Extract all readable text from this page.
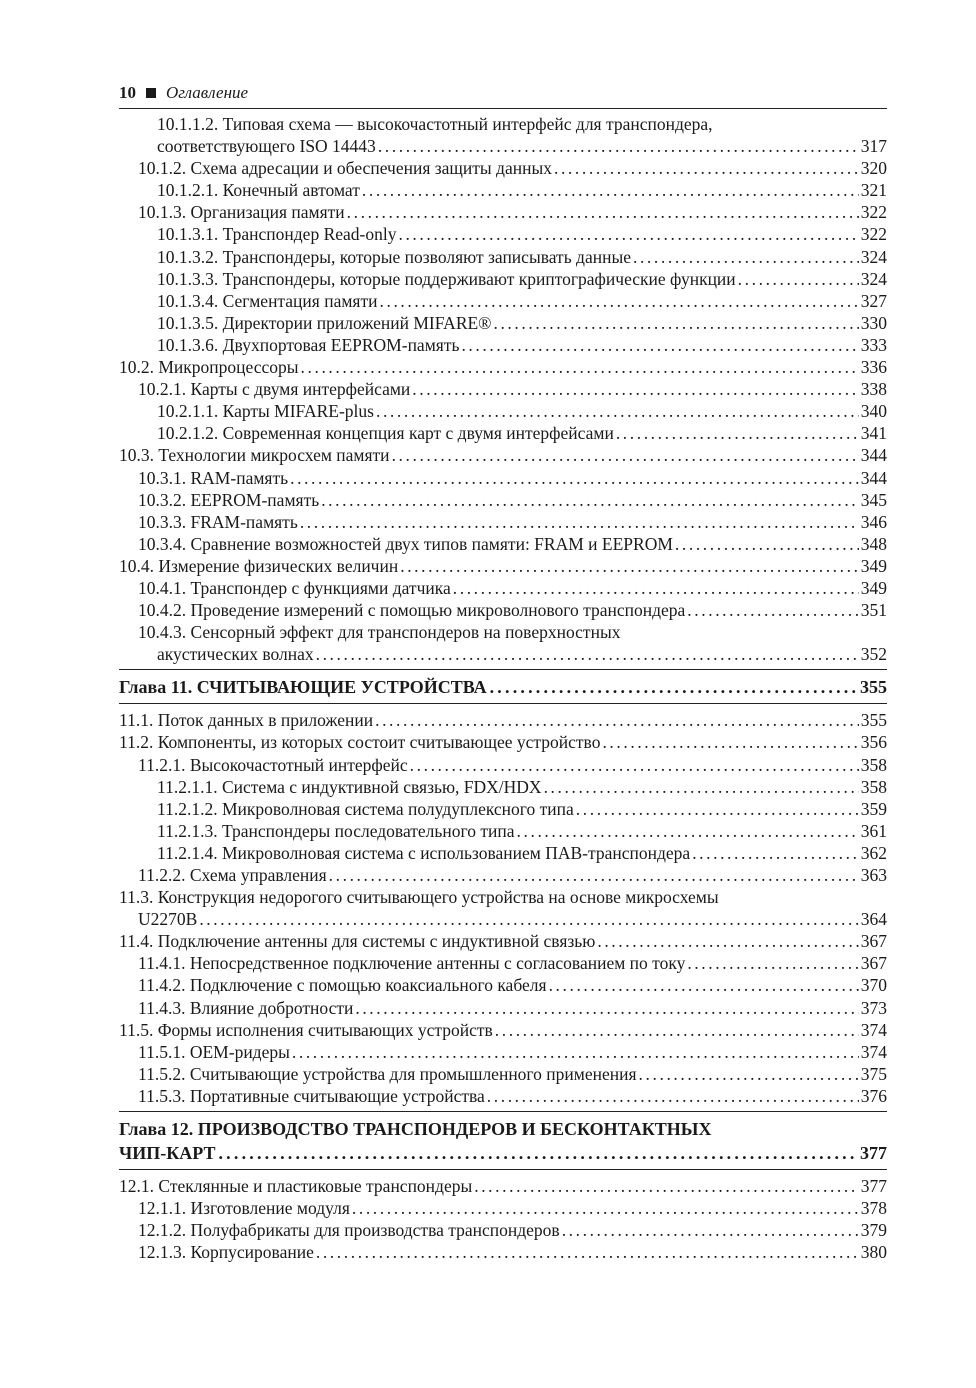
10 Оглавление
10.1.1.2. Типовая схема — высокочастотный интерфейс для транспондера,
соответствующего ISO 14443 .....	317
10.1.2. Схема адресации и обеспечения защиты данных .....	320
10.1.2.1. Конечный автомат .....	321
10.1.3. Организация памяти .....	322
10.1.3.1. Транспондер Read-only .....	322
10.1.3.2. Транспондеры, которые позволяют записывать данные .....	324
10.1.3.3. Транспондеры, которые поддерживают криптографические функции .....	324
10.1.3.4. Сегментация памяти .....	327
10.1.3.5. Директории приложений MIFARE® .....	330
10.1.3.6. Двухпортовая EEPROM-память .....	333
10.2. Микропроцессоры .....	336
10.2.1. Карты с двумя интерфейсами .....	338
10.2.1.1. Карты MIFARE-plus .....	340
10.2.1.2. Современная концепция карт с двумя интерфейсами .....	341
10.3. Технологии микросхем памяти .....	344
10.3.1. RAM-память .....	344
10.3.2. EEPROM-память .....	345
10.3.3. FRAM-память .....	346
10.3.4. Сравнение возможностей двух типов памяти: FRAM и EEPROM .....	348
10.4. Измерение физических величин .....	349
10.4.1. Транспондер с функциями датчика .....	349
10.4.2. Проведение измерений с помощью микроволнового транспондера .....	351
10.4.3. Сенсорный эффект для транспондеров на поверхностных
акустических волнах .....	352
Глава 11. СЧИТЫВАЮЩИЕ УСТРОЙСТВА .....	355
11.1. Поток данных в приложении .....	355
11.2. Компоненты, из которых состоит считывающее устройство .....	356
11.2.1. Высокочастотный интерфейс .....	358
11.2.1.1. Система с индуктивной связью, FDX/HDX .....	358
11.2.1.2. Микроволновая система полудуплексного типа .....	359
11.2.1.3. Транспондеры последовательного типа .....	361
11.2.1.4. Микроволновая система с использованием ПАВ-транспондера .....	362
11.2.2. Схема управления .....	363
11.3. Конструкция недорогого считывающего устройства на основе микросхемы
U2270B .....	364
11.4. Подключение антенны для системы с индуктивной связью .....	367
11.4.1. Непосредственное подключение антенны с согласованием по току .....	367
11.4.2. Подключение с помощью коаксиального кабеля .....	370
11.4.3. Влияние добротности .....	373
11.5. Формы исполнения считывающих устройств .....	374
11.5.1. OEM-ридеры .....	374
11.5.2. Считывающие устройства для промышленного применения .....	375
11.5.3. Портативные считывающие устройства .....	376
Глава 12. ПРОИЗВОДСТВО ТРАНСПОНДЕРОВ И БЕСКОНТАКТНЫХ
ЧИП-КАРТ .....	377
12.1. Стеклянные и пластиковые транспондеры .....	377
12.1.1. Изготовление модуля .....	378
12.1.2. Полуфабрикаты для производства транспондеров .....	379
12.1.3. Корпусирование .....	380
